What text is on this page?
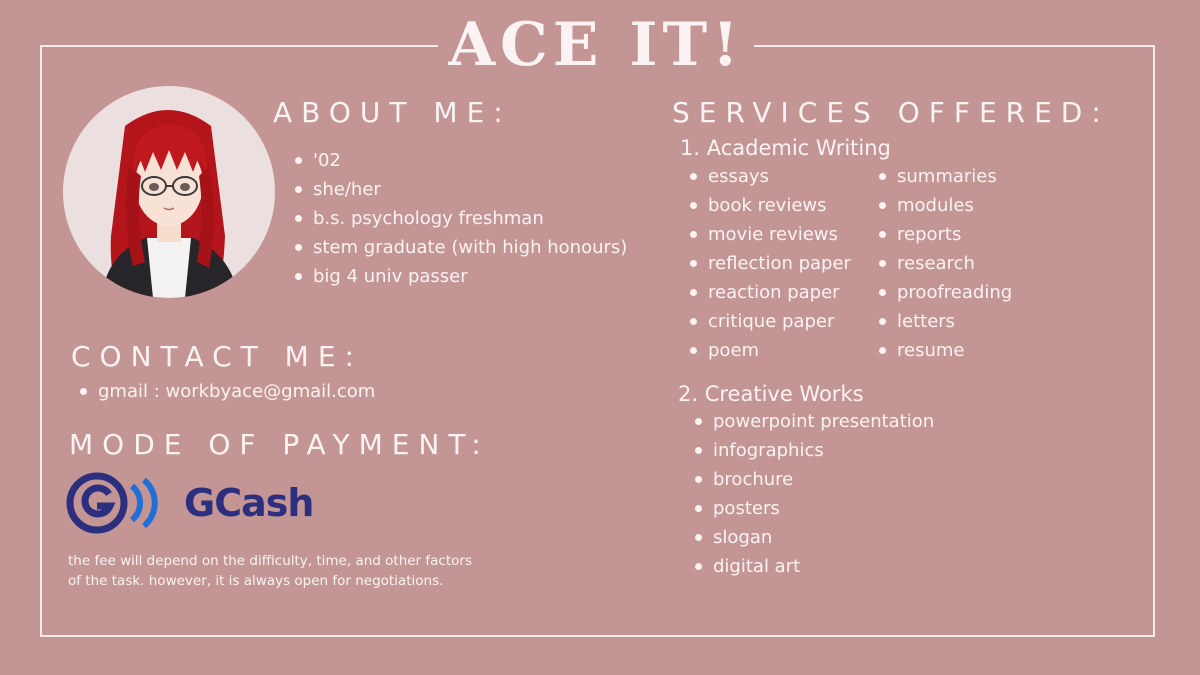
ACE IT!
ABOUT ME:
'02
she/her
b.s. psychology freshman
stem graduate (with high honours)
big 4 univ passer
CONTACT ME:
gmail : workbyace@gmail.com
MODE OF PAYMENT:
GCash
the fee will depend on the difficulty, time, and other factors
of the task. however, it is always open for negotiations.
SERVICES OFFERED:
1. Academic Writing
essays
book reviews
movie reviews
reflection paper
reaction paper
critique paper
poem
summaries
modules
reports
research
proofreading
letters
resume
2. Creative Works
powerpoint presentation
infographics
brochure
posters
slogan
digital art
